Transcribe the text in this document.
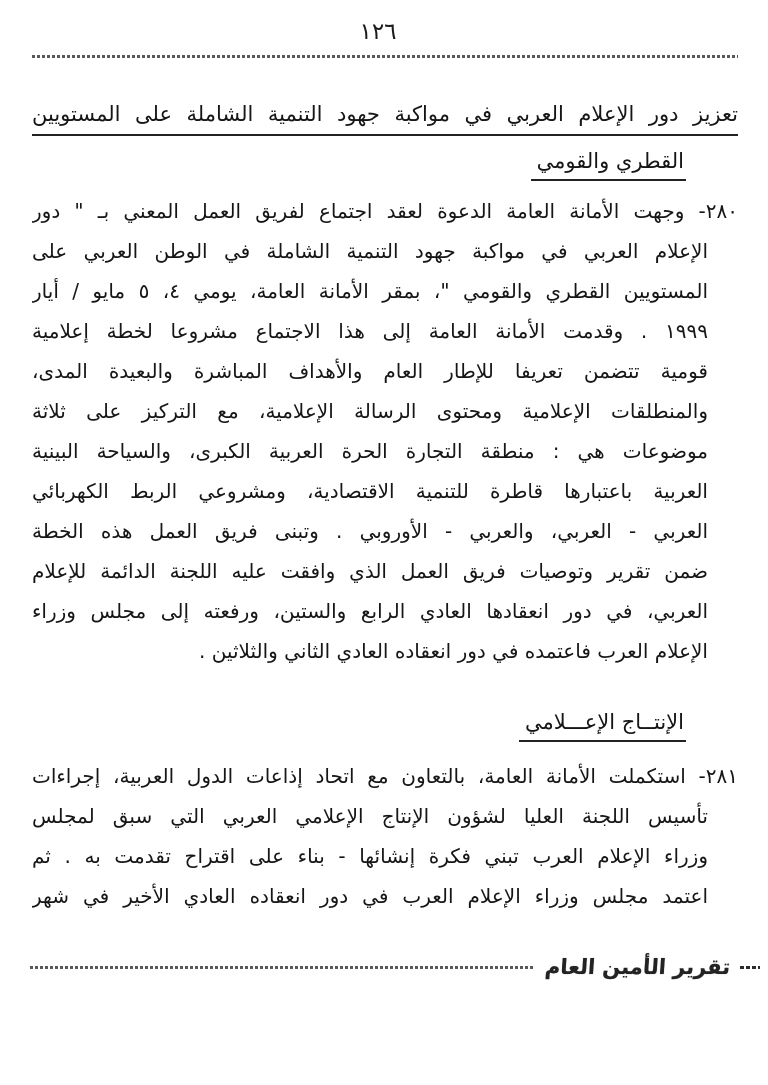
١٢٦
تعزيز دور الإعلام العربي في مواكبة جهود التنمية الشاملة على المستويين
القطري والقومي
٢٨٠- وجهت الأمانة العامة الدعوة لعقد اجتماع لفريق العمل المعني بـ " دور
الإعلام العربي في مواكبة جهود التنمية الشاملة في الوطن العربي على
المستويين القطري والقومي "، بمقر الأمانة العامة، يومي ٤، ٥ مايو / أيار
١٩٩٩ . وقدمت الأمانة العامة إلى هذا الاجتماع مشروعا لخطة إعلامية
قومية تتضمن تعريفا للإطار العام والأهداف المباشرة والبعيدة المدى،
والمنطلقات الإعلامية ومحتوى الرسالة الإعلامية، مع التركيز على ثلاثة
موضوعات هي : منطقة التجارة الحرة العربية الكبرى، والسياحة البينية
العربية باعتبارها قاطرة للتنمية الاقتصادية، ومشروعي الربط الكهربائي
العربي - العربي، والعربي - الأوروبي . وتبنى فريق العمل هذه الخطة
ضمن تقرير وتوصيات فريق العمل الذي وافقت عليه اللجنة الدائمة للإعلام
العربي، في دور انعقادها العادي الرابع والستين، ورفعته إلى مجلس وزراء
الإعلام العرب فاعتمده في دور انعقاده العادي الثاني والثلاثين .
الإنتــاج الإعـــلامي
٢٨١- استكملت الأمانة العامة، بالتعاون مع اتحاد إذاعات الدول العربية، إجراءات
تأسيس اللجنة العليا لشؤون الإنتاج الإعلامي العربي التي سبق لمجلس
وزراء الإعلام العرب تبني فكرة إنشائها - بناء على اقتراح تقدمت به . ثم
اعتمد مجلس وزراء الإعلام العرب في دور انعقاده العادي الأخير في شهر
تقرير الأمين العام
